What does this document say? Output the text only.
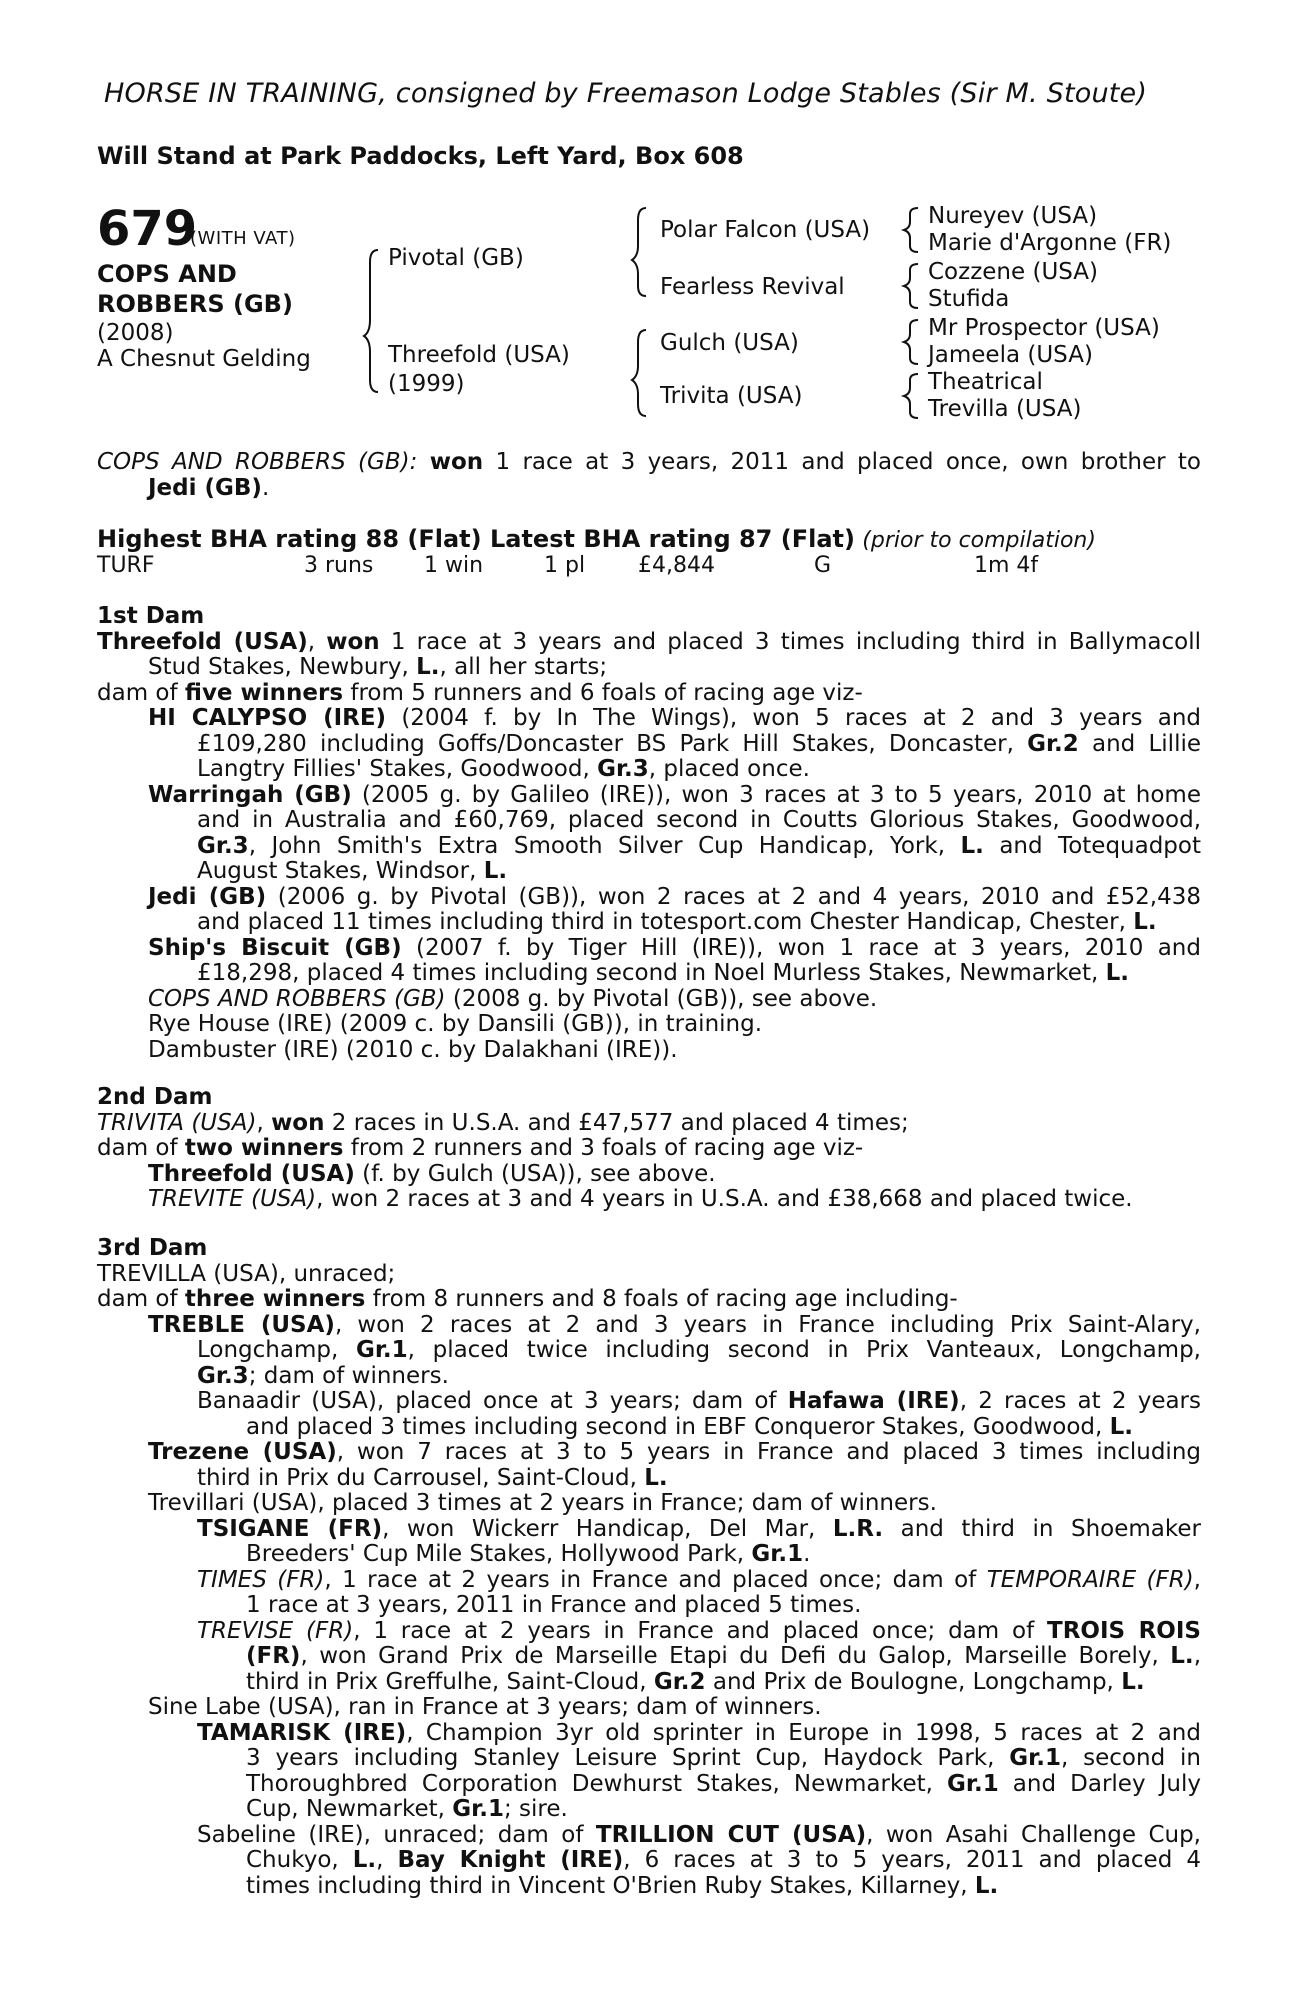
HORSE IN TRAINING, consigned by Freemason Lodge Stables (Sir M. Stoute)
Will Stand at Park Paddocks, Left Yard, Box 608
679
(WITH VAT)
COPS AND
ROBBERS (GB)
(2008)
A Chesnut Gelding
Pivotal (GB)
Threefold (USA)
(1999)
Polar Falcon (USA)
Fearless Revival
Gulch (USA)
Trivita (USA)
Nureyev (USA)
Marie d'Argonne (FR)
Cozzene (USA)
Stufida
Mr Prospector (USA)
Jameela (USA)
Theatrical
Trevilla (USA)
COPS AND ROBBERS (GB): won 1 race at 3 years, 2011 and placed once, own brother to
Jedi (GB).
Highest BHA rating 88 (Flat) Latest BHA rating 87 (Flat) (prior to compilation)
TURF	3 runs 1 win	1 pl £4,844	G	1m 4f
1st Dam
Threefold (USA), won 1 race at 3 years and placed 3 times including third in Ballymacoll
Stud Stakes, Newbury, L., all her starts;
dam of five winners from 5 runners and 6 foals of racing age viz-
HI CALYPSO (IRE) (2004 f. by In The Wings), won 5 races at 2 and 3 years and
£109,280 including Goffs/Doncaster BS Park Hill Stakes, Doncaster, Gr.2 and Lillie
Langtry Fillies' Stakes, Goodwood, Gr.3, placed once.
Warringah (GB) (2005 g. by Galileo (IRE)), won 3 races at 3 to 5 years, 2010 at home
and in Australia and £60,769, placed second in Coutts Glorious Stakes, Goodwood,
Gr.3, John Smith's Extra Smooth Silver Cup Handicap, York, L. and Totequadpot
August Stakes, Windsor, L.
Jedi (GB) (2006 g. by Pivotal (GB)), won 2 races at 2 and 4 years, 2010 and £52,438
and placed 11 times including third in totesport.com Chester Handicap, Chester, L.
Ship's Biscuit (GB) (2007 f. by Tiger Hill (IRE)), won 1 race at 3 years, 2010 and
£18,298, placed 4 times including second in Noel Murless Stakes, Newmarket, L.
COPS AND ROBBERS (GB) (2008 g. by Pivotal (GB)), see above.
Rye House (IRE) (2009 c. by Dansili (GB)), in training.
Dambuster (IRE) (2010 c. by Dalakhani (IRE)).
2nd Dam
TRIVITA (USA), won 2 races in U.S.A. and £47,577 and placed 4 times;
dam of two winners from 2 runners and 3 foals of racing age viz-
Threefold (USA) (f. by Gulch (USA)), see above.
TREVITE (USA), won 2 races at 3 and 4 years in U.S.A. and £38,668 and placed twice.
3rd Dam
TREVILLA (USA), unraced;
dam of three winners from 8 runners and 8 foals of racing age including-
TREBLE (USA), won 2 races at 2 and 3 years in France including Prix Saint-Alary,
Longchamp, Gr.1, placed twice including second in Prix Vanteaux, Longchamp,
Gr.3; dam of winners.
Banaadir (USA), placed once at 3 years; dam of Hafawa (IRE), 2 races at 2 years
and placed 3 times including second in EBF Conqueror Stakes, Goodwood, L.
Trezene (USA), won 7 races at 3 to 5 years in France and placed 3 times including
third in Prix du Carrousel, Saint-Cloud, L.
Trevillari (USA), placed 3 times at 2 years in France; dam of winners.
TSIGANE (FR), won Wickerr Handicap, Del Mar, L.R. and third in Shoemaker
Breeders' Cup Mile Stakes, Hollywood Park, Gr.1.
TIMES (FR), 1 race at 2 years in France and placed once; dam of TEMPORAIRE (FR),
1 race at 3 years, 2011 in France and placed 5 times.
TREVISE (FR), 1 race at 2 years in France and placed once; dam of TROIS ROIS
(FR), won Grand Prix de Marseille Etapi du Defi du Galop, Marseille Borely, L.,
third in Prix Greffulhe, Saint-Cloud, Gr.2 and Prix de Boulogne, Longchamp, L.
Sine Labe (USA), ran in France at 3 years; dam of winners.
TAMARISK (IRE), Champion 3yr old sprinter in Europe in 1998, 5 races at 2 and
3 years including Stanley Leisure Sprint Cup, Haydock Park, Gr.1, second in
Thoroughbred Corporation Dewhurst Stakes, Newmarket, Gr.1 and Darley July
Cup, Newmarket, Gr.1; sire.
Sabeline (IRE), unraced; dam of TRILLION CUT (USA), won Asahi Challenge Cup,
Chukyo, L., Bay Knight (IRE), 6 races at 3 to 5 years, 2011 and placed 4
times including third in Vincent O'Brien Ruby Stakes, Killarney, L.
